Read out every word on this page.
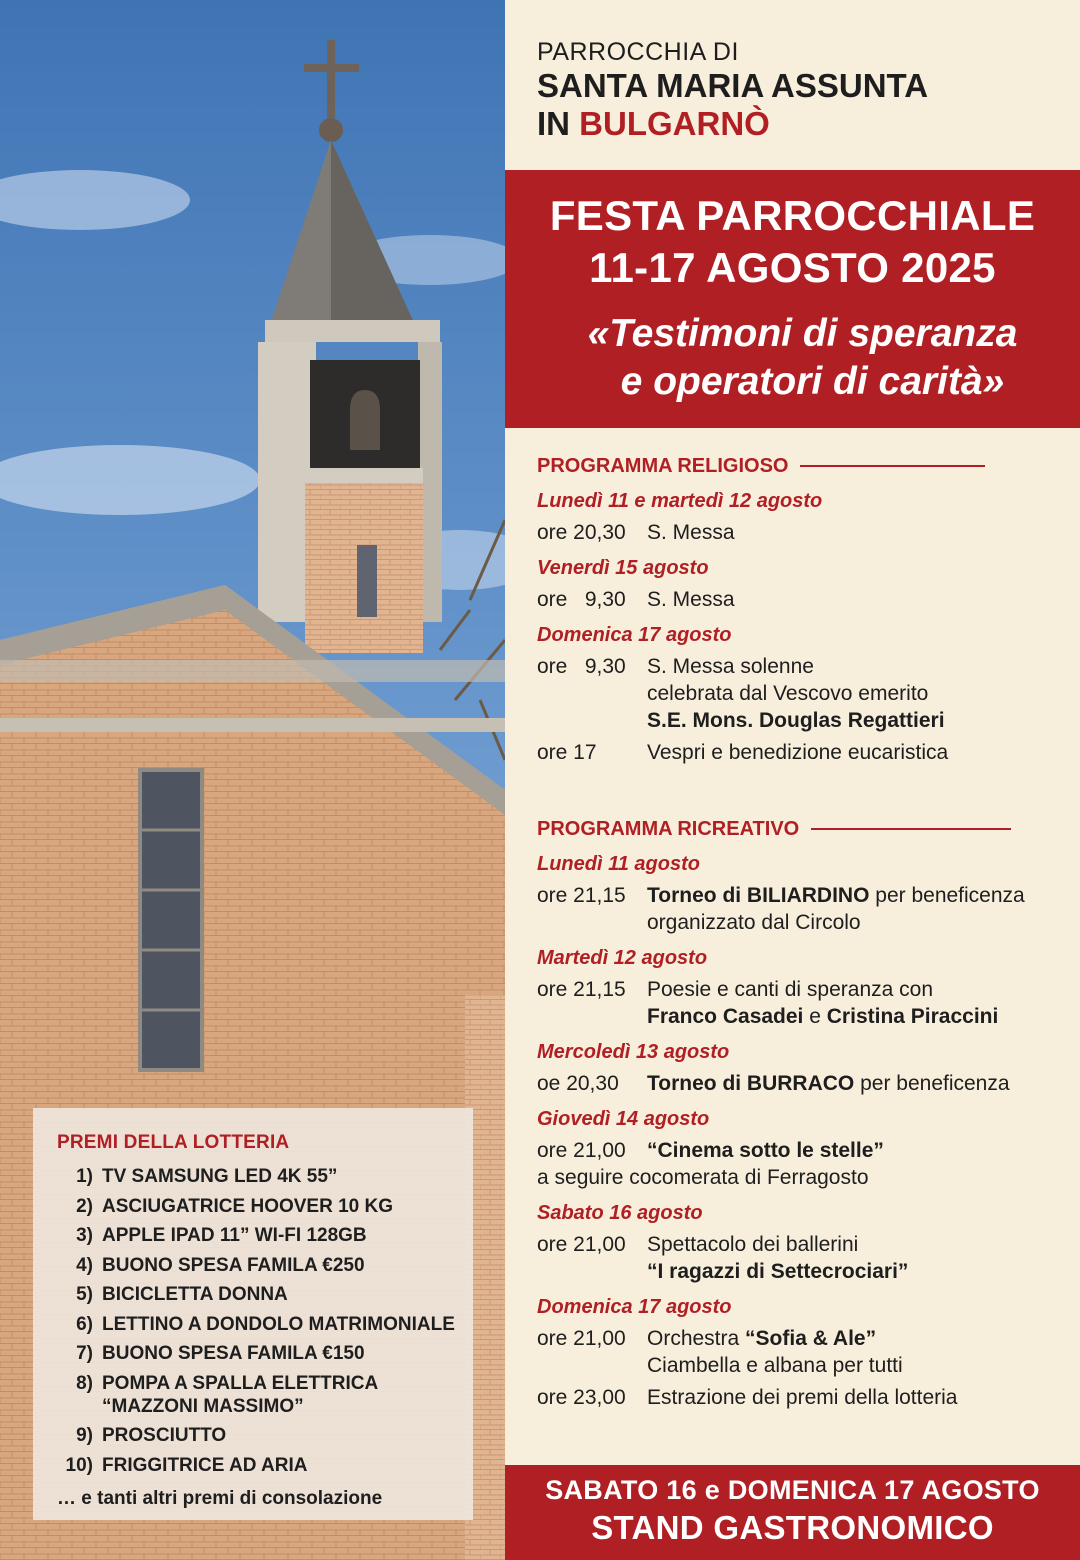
PREMI DELLA LOTTERIA
1) TV SAMSUNG LED 4K 55”
2) ASCIUGATRICE HOOVER 10 KG
3) APPLE IPAD 11” WI-FI 128GB
4) BUONO SPESA FAMILA €250
5) BICICLETTA DONNA
6) LETTINO A DONDOLO MATRIMONIALE
7) BUONO SPESA FAMILA €150
8) POMPA A SPALLA ELETTRICA
“MAZZONI MASSIMO”
9) PROSCIUTTO
10) FRIGGITRICE AD ARIA
… e tanti altri premi di consolazione
PARROCCHIA DI
SANTA MARIA ASSUNTA
IN BULGARNÒ
FESTA PARROCCHIALE
11-17 AGOSTO 2025
«Testimoni di speranza
e operatori di carità»
PROGRAMMA RELIGIOSO
Lunedì 11 e martedì 12 agosto
ore 20,30	S. Messa
Venerdì 15 agosto
ore   9,30	S. Messa
Domenica 17 agosto
ore   9,30	S. Messa solenne
celebrata dal Vescovo emerito
S.E. Mons. Douglas Regattieri
ore 17	Vespri e benedizione eucaristica
PROGRAMMA RICREATIVO
Lunedì 11 agosto
ore 21,15	Torneo di BILIARDINO per beneficenza
organizzato dal Circolo
Martedì 12 agosto
ore 21,15	Poesie e canti di speranza con
Franco Casadei e Cristina Piraccini
Mercoledì 13 agosto
oe 20,30	Torneo di BURRACO per beneficenza
Giovedì 14 agosto
ore 21,00	“Cinema sotto le stelle”
a seguire cocomerata di Ferragosto
Sabato 16 agosto
ore 21,00	Spettacolo dei ballerini
“I ragazzi di Settecrociari”
Domenica 17 agosto
ore 21,00	Orchestra “Sofia & Ale”
Ciambella e albana per tutti
ore 23,00	Estrazione dei premi della lotteria
SABATO 16 e DOMENICA 17 AGOSTO
STAND GASTRONOMICO
